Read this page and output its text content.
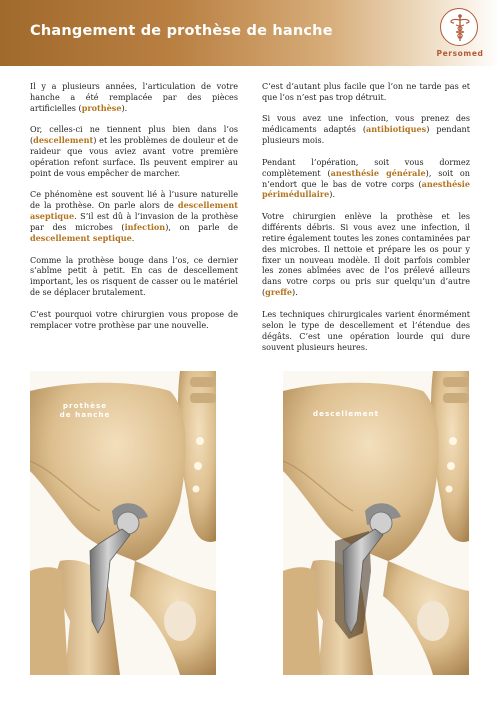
Changement de prothèse de hanche
Persomed

Il y a plusieurs années, l’articulation de votre hanche a été remplacée par des pièces artificielles (prothèse).

Or, celles-ci ne tiennent plus bien dans l’os (descellement) et les problèmes de douleur et de raideur que vous aviez avant votre première opération refont surface. Ils peuvent empirer au point de vous empêcher de marcher.

Ce phénomène est souvent lié à l’usure naturelle de la prothèse. On parle alors de descellement aseptique. S’il est dû à l’invasion de la prothèse par des microbes (infection), on parle de descellement septique.

Comme la prothèse bouge dans l’os, ce dernier s’abîme petit à petit. En cas de descellement important, les os risquent de casser ou le matériel de se déplacer brutalement.

C’est pourquoi votre chirurgien vous propose de remplacer votre prothèse par une nouvelle.

C’est d’autant plus facile que l’on ne tarde pas et que l’os n’est pas trop détruit.

Si vous avez une infection, vous prenez des médicaments adaptés (antibiotiques) pendant plusieurs mois.

Pendant l’opération, soit vous dormez complètement (anesthésie générale), soit on n’endort que le bas de votre corps (anesthésie périmédullaire).

Votre chirurgien enlève la prothèse et les différents débris. Si vous avez une infection, il retire également toutes les zones contaminées par des microbes. Il nettoie et prépare les os pour y fixer un nouveau modèle. Il doit parfois combler les zones abîmées avec de l’os prélevé ailleurs dans votre corps ou pris sur quelqu’un d’autre (greffe).

Les techniques chirurgicales varient énormément selon le type de descellement et l’étendue des dégâts. C’est une opération lourde qui dure souvent plusieurs heures.

prothèse
de hanche	descellement
